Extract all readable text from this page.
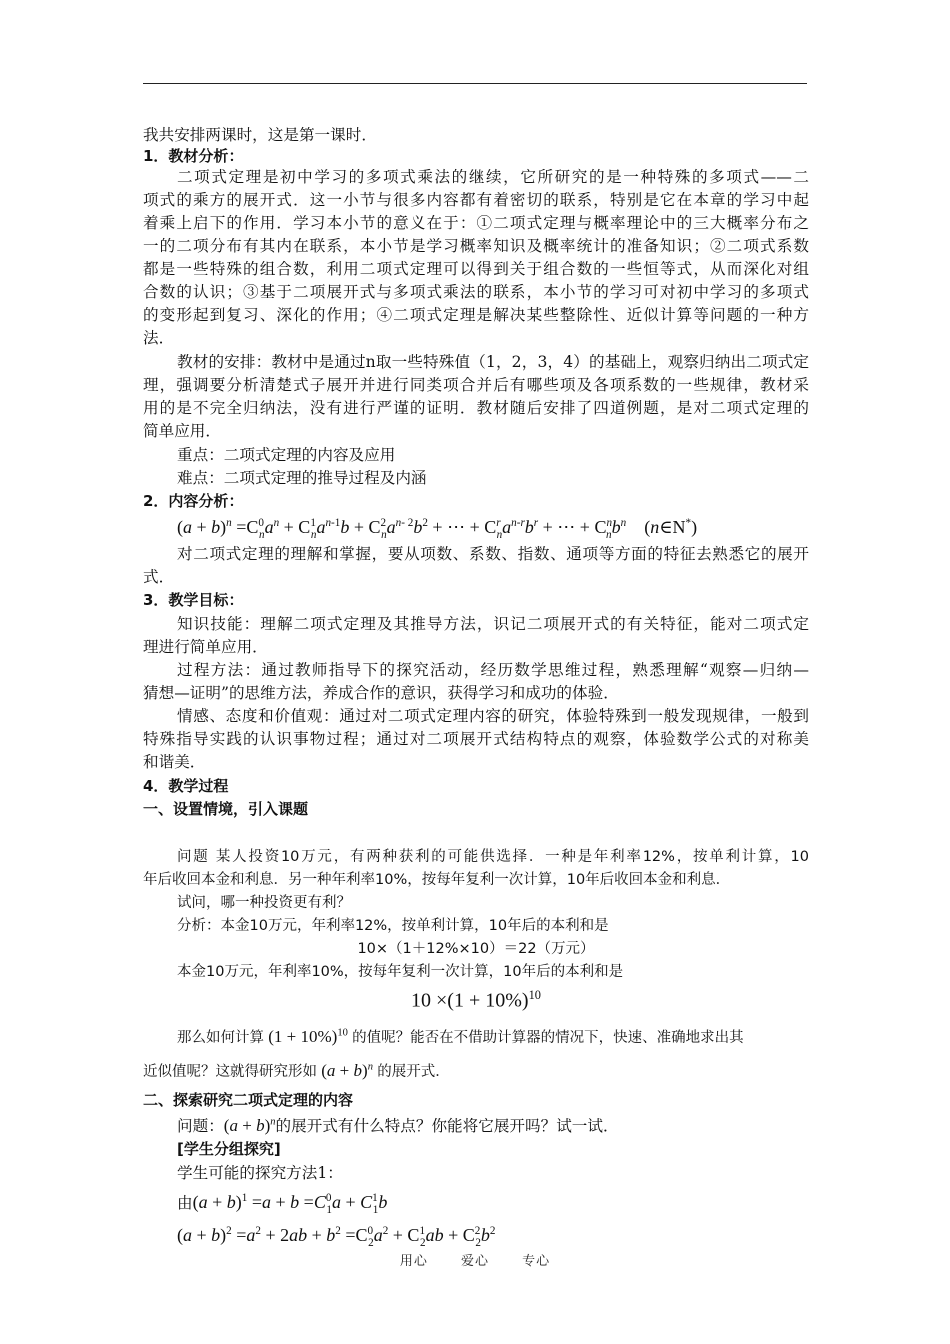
我共安排两课时，这是第一课时．
1．教材分析：
二项式定理是初中学习的多项式乘法的继续，它所研究的是一种特殊的多项式——二
项式的乘方的展开式．这一小节与很多内容都有着密切的联系，特别是它在本章的学习中起
着乘上启下的作用．学习本小节的意义在于：①二项式定理与概率理论中的三大概率分布之
一的二项分布有其内在联系，本小节是学习概率知识及概率统计的准备知识；②二项式系数
都是一些特殊的组合数，利用二项式定理可以得到关于组合数的一些恒等式，从而深化对组
合数的认识；③基于二项展开式与多项式乘法的联系，本小节的学习可对初中学习的多项式
的变形起到复习、深化的作用；④二项式定理是解决某些整除性、近似计算等问题的一种方
法．
教材的安排：教材中是通过n取一些特殊值（1，2，3，4）的基础上，观察归纳出二项式定
理，强调要分析清楚式子展开并进行同类项合并后有哪些项及各项系数的一些规律，教材采
用的是不完全归纳法，没有进行严谨的证明．教材随后安排了四道例题，是对二项式定理的
简单应用．
重点：二项式定理的内容及应用
难点：二项式定理的推导过程及内涵
2．内容分析：
$(a + b)^n =C^0_na^n + C^1_na^{n-1}b + C^2_na^{n- 2}b^2$ + ⋯ + $C^r_na^{n-r}b^r$ + ⋯ + $C^n_nb^n$    (n∈N*)
对二项式定理的理解和掌握，要从项数、系数、指数、通项等方面的特征去熟悉它的展开
式．
3．教学目标：
知识技能：理解二项式定理及其推导方法，识记二项展开式的有关特征，能对二项式定
理进行简单应用．
过程方法：通过教师指导下的探究活动，经历数学思维过程，熟悉理解“观察—归纳—
猜想—证明”的思维方法，养成合作的意识，获得学习和成功的体验．
情感、态度和价值观：通过对二项式定理内容的研究，体验特殊到一般发现规律，一般到
特殊指导实践的认识事物过程；通过对二项展开式结构特点的观察，体验数学公式的对称美
和谐美．
4．教学过程
一、设置情境，引入课题
问题 某人投资10万元，有两种获利的可能供选择．一种是年利率12%，按单利计算，10
年后收回本金和利息．另一种年利率10%，按每年复利一次计算，10年后收回本金和利息．
试问，哪一种投资更有利？
分析：本金10万元，年利率12%，按单利计算，10年后的本利和是
10×（1＋12%×10）＝22（万元）
本金10万元，年利率10%，按每年复利一次计算，10年后的本利和是
$10 \times(1 + 10\%)^{10}$
那么如何计算 $(1 + 10\%)^{10}$ 的值呢？能否在不借助计算器的情况下，快速、准确地求出其
近似值呢？这就得研究形如 $(a + b)^n$ 的展开式．
二、探索研究二项式定理的内容
问题：$(a + b)^n$的展开式有什么特点？你能将它展开吗？试一试．
[学生分组探究]
学生可能的探究方法1：
由$(a + b)^1 =a + b =C^0_1a + C^1_1b$
$(a + b)^2 =a^2 + 2ab + b^2 =C^0_2a^2 + C^1_2ab + C^2_2b^2$
用心	爱心	专心
